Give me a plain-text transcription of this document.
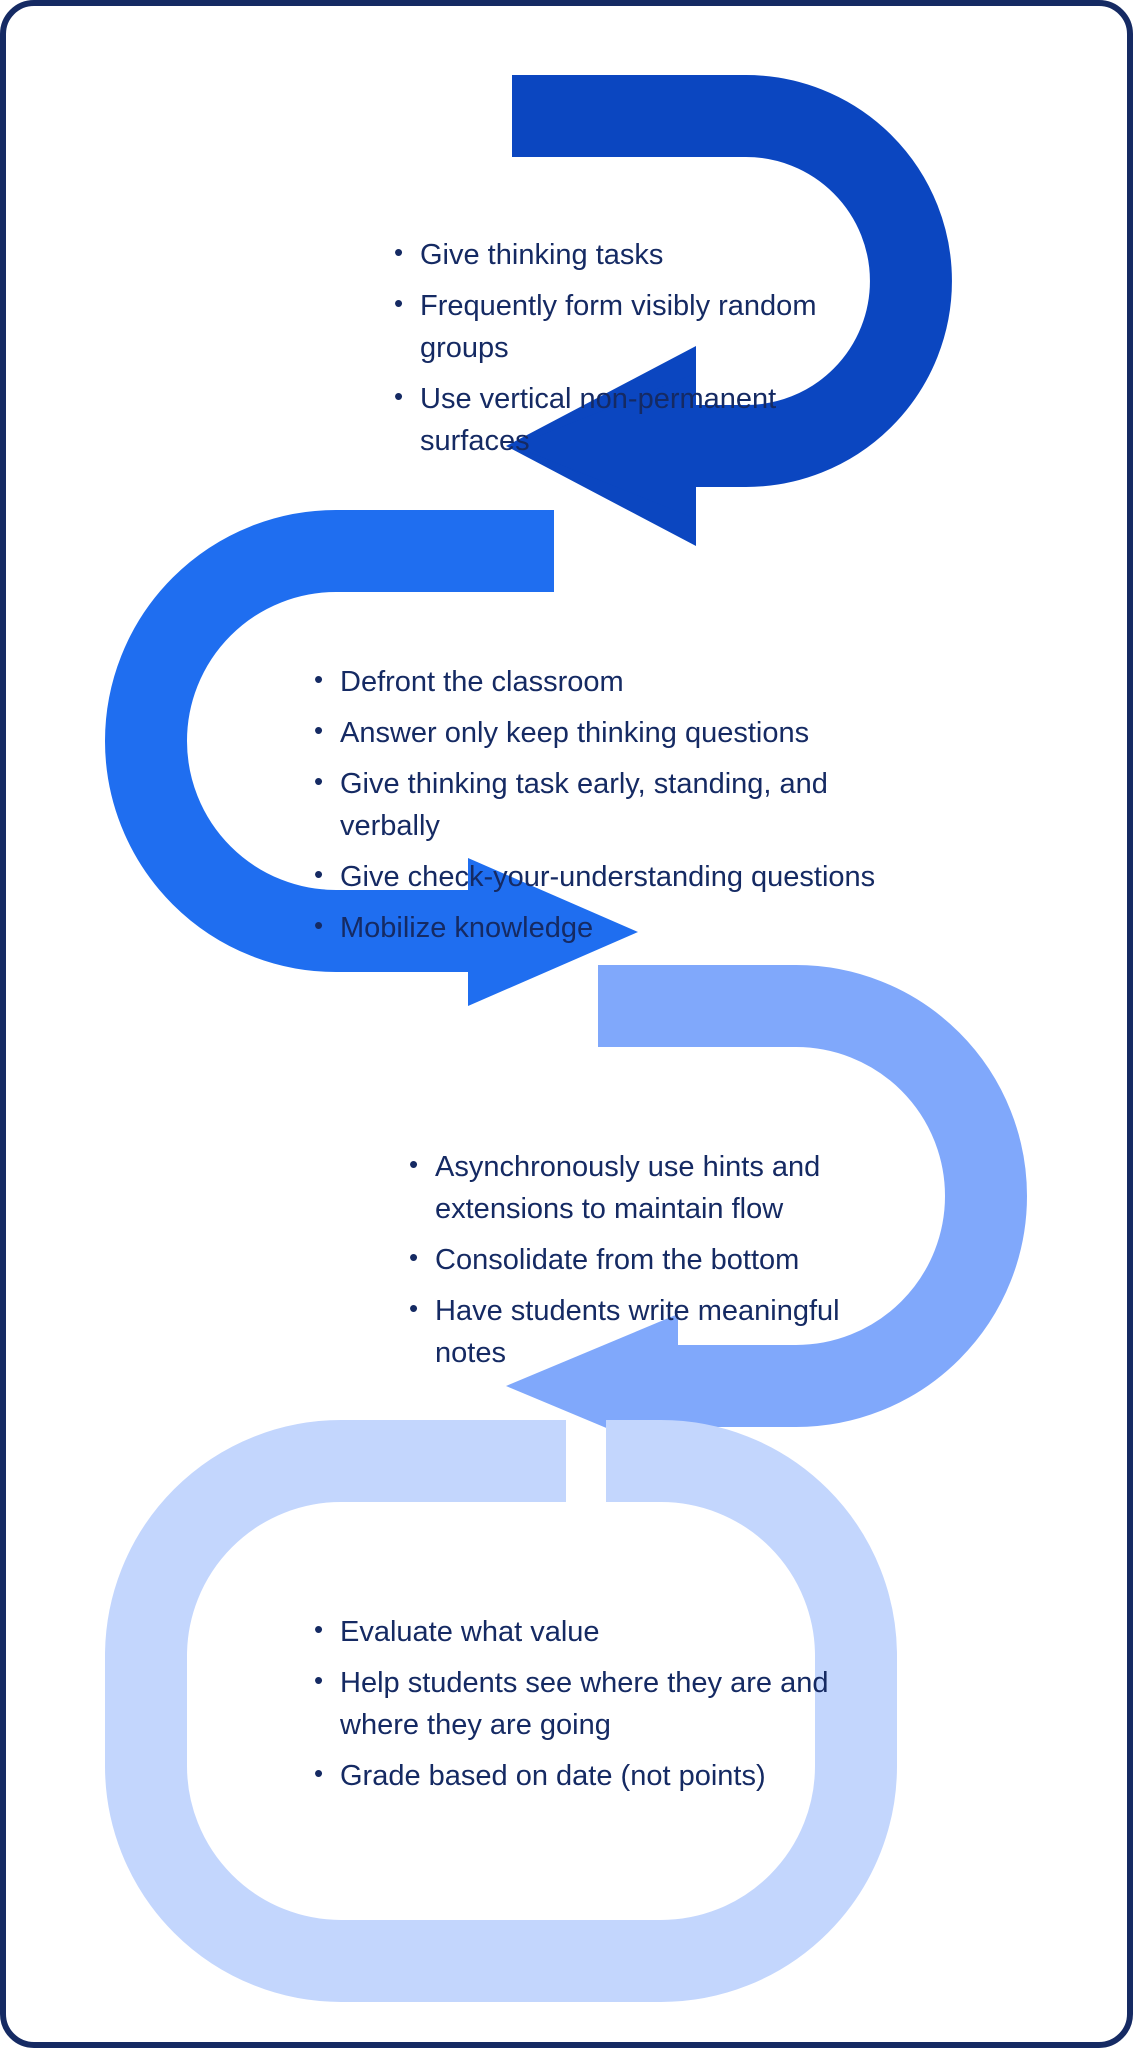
• Give thinking tasks
• Frequently form visibly random groups
• Use vertical non-permanent surfaces
• Defront the classroom
• Answer only keep thinking questions
• Give thinking task early, standing, and verbally
• Give check-your-understanding questions
• Mobilize knowledge
• Asynchronously use hints and extensions to maintain flow
• Consolidate from the bottom
• Have students write meaningful notes
• Evaluate what value
• Help students see where they are and where they are going
• Grade based on date (not points)
